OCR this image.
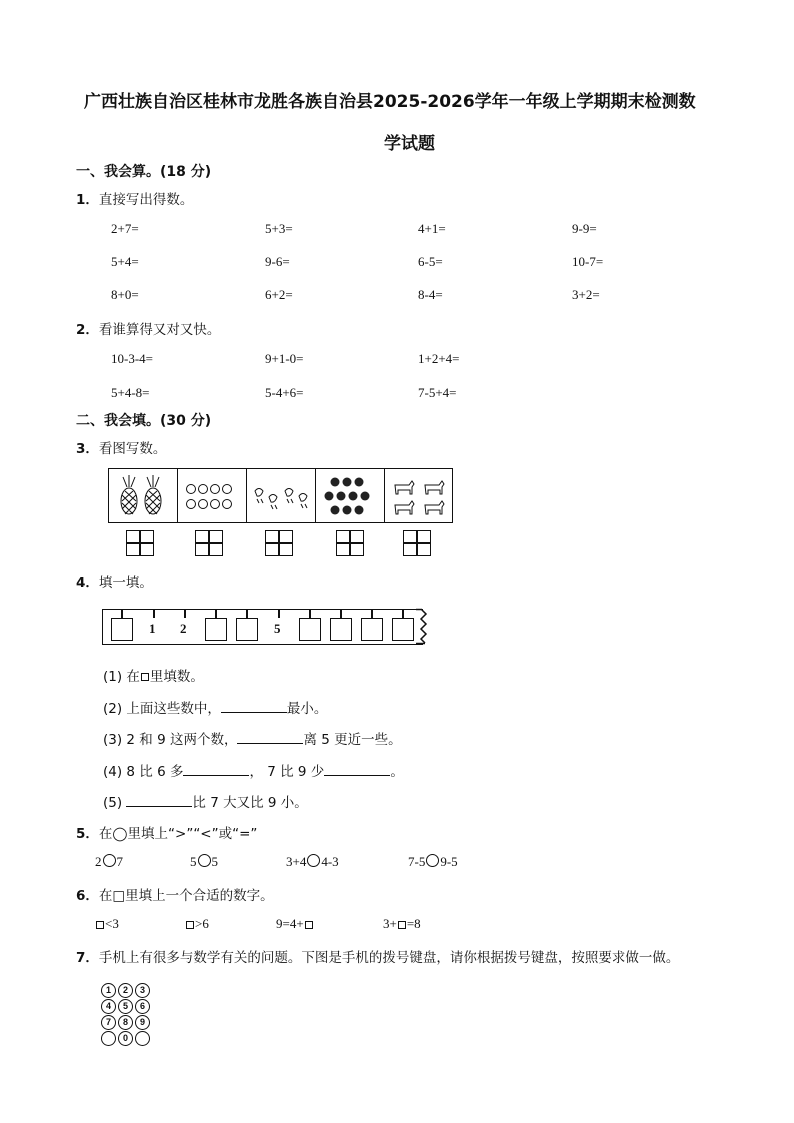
广西壮族自治区桂林市龙胜各族自治县2025-2026学年一年级上学期期末检测数
学试题
一、我会算。(18 分)
1．直接写出得数。
2+7=	5+3=	4+1=	9-9=
5+4=	9-6=	6-5=	10-7=
8+0=	6+2=	8-4=	3+2=
2．看谁算得又对又快。
10-3-4=	9+1-0=	1+2+4=
5+4-8=	5-4+6=	7-5+4=
二、我会填。(30 分)
3．看图写数。
4．填一填。
1 2	5
(1) 在 里填数。
(2) 上面这些数中，	最小。
(3) 2 和 9 这两个数，	离 5 更近一些。
(4) 8 比 6 多	， 7 比 9 少	。
(5)	比 7 大又比 9 小。
5．在◯里填上“>”“<”或“=”
2 7	5 5	3+4 4-3	7-5 9-5
6．在□里填上一个合适的数字。
<3	>6	9=4+	3+ =8
7．手机上有很多与数学有关的问题。下图是手机的拨号键盘，请你根据拨号键盘，按照要求做一做。
1	2	3
4	5	6
7	8	9
0
